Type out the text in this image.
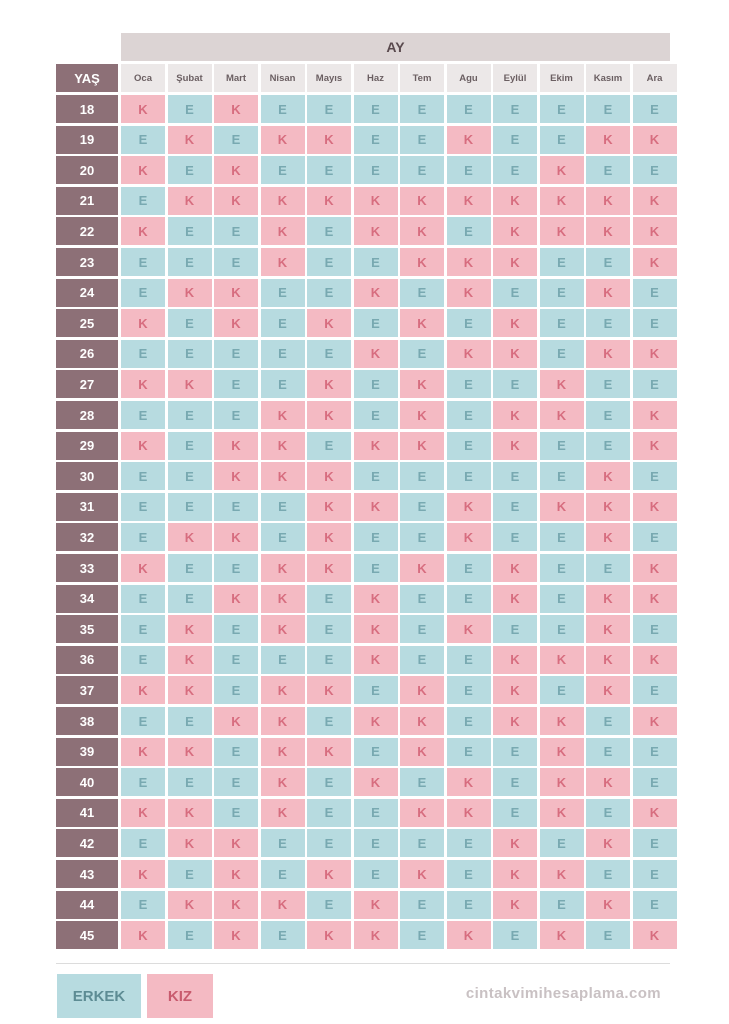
AY
YAŞ	Oca	Şubat	Mart	Nisan	Mayıs	Haz	Tem	Agu	Eylül	Ekim	Kasım	Ara
18	K	E	K	E	E	E	E	E	E	E	E	E
19	E	K	E	K	K	E	E	K	E	E	K	K
20	K	E	K	E	E	E	E	E	E	K	E	E
21	E	K	K	K	K	K	K	K	K	K	K	K
22	K	E	E	K	E	K	K	E	K	K	K	K
23	E	E	E	K	E	E	K	K	K	E	E	K
24	E	K	K	E	E	K	E	K	E	E	K	E
25	K	E	K	E	K	E	K	E	K	E	E	E
26	E	E	E	E	E	K	E	K	K	E	K	K
27	K	K	E	E	K	E	K	E	E	K	E	E
28	E	E	E	K	K	E	K	E	K	K	E	K
29	K	E	K	K	E	K	K	E	K	E	E	K
30	E	E	K	K	K	E	E	E	E	E	K	E
31	E	E	E	E	K	K	E	K	E	K	K	K
32	E	K	K	E	K	E	E	K	E	E	K	E
33	K	E	E	K	K	E	K	E	K	E	E	K
34	E	E	K	K	E	K	E	E	K	E	K	K
35	E	K	E	K	E	K	E	K	E	E	K	E
36	E	K	E	E	E	K	E	E	K	K	K	K
37	K	K	E	K	K	E	K	E	K	E	K	E
38	E	E	K	K	E	K	K	E	K	K	E	K
39	K	K	E	K	K	E	K	E	E	K	E	E
40	E	E	E	K	E	K	E	K	E	K	K	E
41	K	K	E	K	E	E	K	K	E	K	E	K
42	E	K	K	E	E	E	E	E	K	E	K	E
43	K	E	K	E	K	E	K	E	K	K	E	E
44	E	K	K	K	E	K	E	E	K	E	K	E
45	K	E	K	E	K	K	E	K	E	K	E	K
ERKEK	KIZ	cintakvimihesaplama.com
